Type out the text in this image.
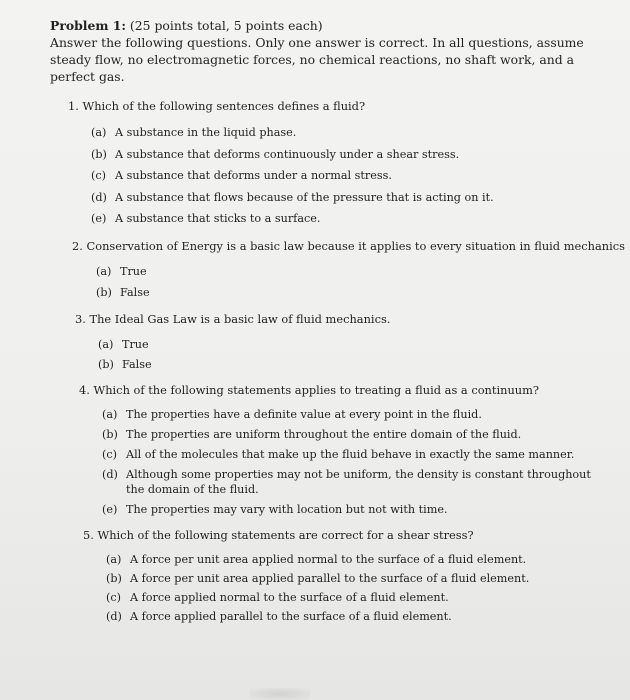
Problem 1: (25 points total, 5 points each)
Answer the following questions. Only one answer is correct. In all questions, assume steady flow, no electromagnetic forces, no chemical reactions, no shaft work, and a perfect gas.
1. Which of the following sentences defines a fluid?
(a) A substance in the liquid phase.
(b) A substance that deforms continuously under a shear stress.
(c) A substance that deforms under a normal stress.
(d) A substance that flows because of the pressure that is acting on it.
(e) A substance that sticks to a surface.
2. Conservation of Energy is a basic law because it applies to every situation in fluid mechanics
(a) True
(b) False
3. The Ideal Gas Law is a basic law of fluid mechanics.
(a) True
(b) False
4. Which of the following statements applies to treating a fluid as a continuum?
(a) The properties have a definite value at every point in the fluid.
(b) The properties are uniform throughout the entire domain of the fluid.
(c) All of the molecules that make up the fluid behave in exactly the same manner.
(d) Although some properties may not be uniform, the density is constant throughout the domain of the fluid.
(e) The properties may vary with location but not with time.
5. Which of the following statements are correct for a shear stress?
(a) A force per unit area applied normal to the surface of a fluid element.
(b) A force per unit area applied parallel to the surface of a fluid element.
(c) A force applied normal to the surface of a fluid element.
(d) A force applied parallel to the surface of a fluid element.
